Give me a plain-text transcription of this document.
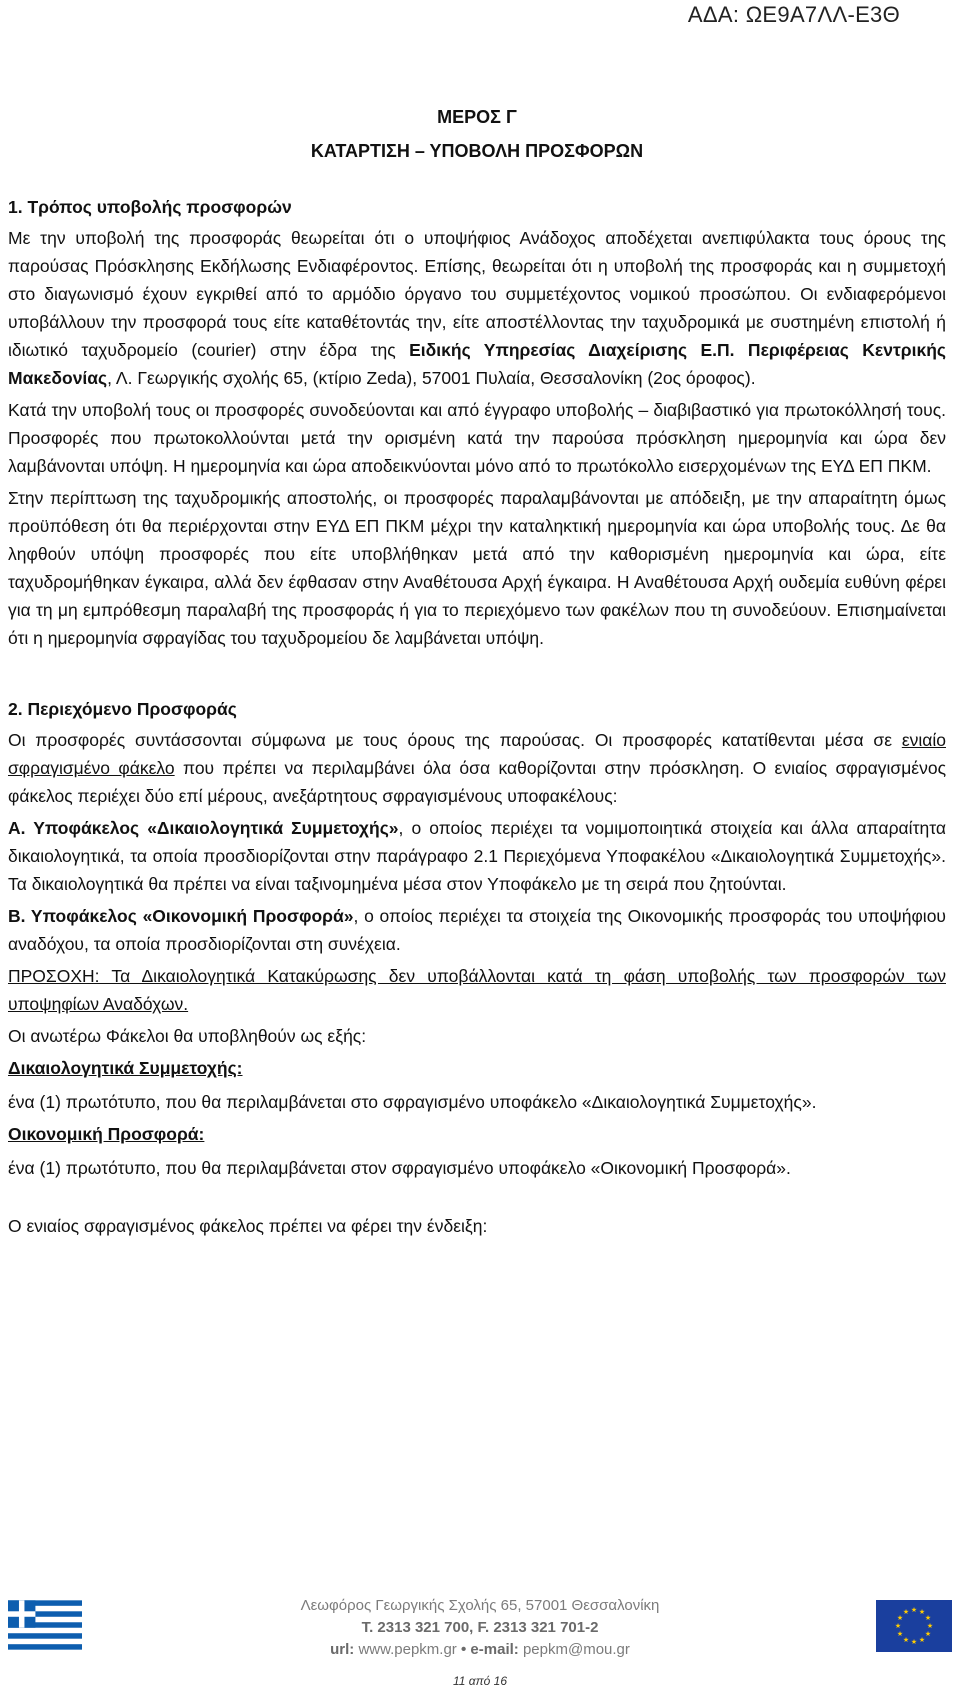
ΑΔΑ: ΩΕ9Α7ΛΛ-Ε3Θ
ΜΕΡΟΣ Γ
ΚΑΤΑΡΤΙΣΗ – ΥΠΟΒΟΛΗ ΠΡΟΣΦΟΡΩΝ
1. Τρόπος υποβολής προσφορών

Με την υποβολή της προσφοράς θεωρείται ότι ο υποψήφιος Ανάδοχος αποδέχεται ανεπιφύλακτα τους όρους της παρούσας Πρόσκλησης Εκδήλωσης Ενδιαφέροντος. Επίσης, θεωρείται ότι η υποβολή της προσφοράς και η συμμετοχή στο διαγωνισμό έχουν εγκριθεί από το αρμόδιο όργανο του συμμετέχοντος νομικού προσώπου. Οι ενδιαφερόμενοι υποβάλλουν την προσφορά τους είτε καταθέτοντάς την, είτε αποστέλλοντας την ταχυδρομικά με συστημένη επιστολή ή ιδιωτικό ταχυδρομείο (courier) στην έδρα της Ειδικής Υπηρεσίας Διαχείρισης Ε.Π. Περιφέρειας Κεντρικής Μακεδονίας, Λ. Γεωργικής σχολής 65, (κτίριο Zeda), 57001 Πυλαία, Θεσσαλονίκη (2ος όροφος).

Κατά την υποβολή τους οι προσφορές συνοδεύονται και από έγγραφο υποβολής – διαβιβαστικό για πρωτοκόλλησή τους. Προσφορές που πρωτοκολλούνται μετά την ορισμένη κατά την παρούσα πρόσκληση ημερομηνία και ώρα δεν λαμβάνονται υπόψη. Η ημερομηνία και ώρα αποδεικνύονται μόνο από το πρωτόκολλο εισερχομένων της ΕΥΔ ΕΠ ΠΚΜ.

Στην περίπτωση της ταχυδρομικής αποστολής, οι προσφορές παραλαμβάνονται με απόδειξη, με την απαραίτητη όμως προϋπόθεση ότι θα περιέρχονται στην ΕΥΔ ΕΠ ΠΚΜ μέχρι την καταληκτική ημερομηνία και ώρα υποβολής τους. Δε θα ληφθούν υπόψη προσφορές που είτε υποβλήθηκαν μετά από την καθορισμένη ημερομηνία και ώρα, είτε ταχυδρομήθηκαν έγκαιρα, αλλά δεν έφθασαν στην Αναθέτουσα Αρχή έγκαιρα. Η Αναθέτουσα Αρχή ουδεμία ευθύνη φέρει για τη μη εμπρόθεσμη παραλαβή της προσφοράς ή για το περιεχόμενο των φακέλων που τη συνοδεύουν. Επισημαίνεται ότι η ημερομηνία σφραγίδας του ταχυδρομείου δε λαμβάνεται υπόψη.

2. Περιεχόμενο Προσφοράς

Οι προσφορές συντάσσονται σύμφωνα με τους όρους της παρούσας. Οι προσφορές κατατίθενται μέσα σε ενιαίο σφραγισμένο φάκελο που πρέπει να περιλαμβάνει όλα όσα καθορίζονται στην πρόσκληση. Ο ενιαίος σφραγισμένος φάκελος περιέχει δύο επί μέρους, ανεξάρτητους σφραγισμένους υποφακέλους:

Α. Υποφάκελος «Δικαιολογητικά Συμμετοχής», ο οποίος περιέχει τα νομιμοποιητικά στοιχεία και άλλα απαραίτητα δικαιολογητικά, τα οποία προσδιορίζονται στην παράγραφο 2.1 Περιεχόμενα Υποφακέλου «Δικαιολογητικά Συμμετοχής». Τα δικαιολογητικά θα πρέπει να είναι ταξινομημένα μέσα στον Υποφάκελο με τη σειρά που ζητούνται.

Β. Υποφάκελος «Οικονομική Προσφορά», ο οποίος περιέχει τα στοιχεία της Οικονομικής προσφοράς του υποψήφιου αναδόχου, τα οποία προσδιορίζονται στη συνέχεια.

ΠΡΟΣΟΧΗ: Τα Δικαιολογητικά Κατακύρωσης δεν υποβάλλονται κατά τη φάση υποβολής των προσφορών των υποψηφίων Αναδόχων.

Οι ανωτέρω Φάκελοι θα υποβληθούν ως εξής:

Δικαιολογητικά Συμμετοχής:

ένα (1) πρωτότυπο, που θα περιλαμβάνεται στο σφραγισμένο υποφάκελο «Δικαιολογητικά Συμμετοχής».

Οικονομική Προσφορά:

ένα (1) πρωτότυπο, που θα περιλαμβάνεται στον σφραγισμένο υποφάκελο «Οικονομική Προσφορά».

Ο ενιαίος σφραγισμένος φάκελος πρέπει να φέρει την ένδειξη:

Λεωφόρος Γεωργικής Σχολής 65, 57001 Θεσσαλονίκη
Τ. 2313 321 700, F. 2313 321 701-2
url: www.pepkm.gr • e-mail: pepkm@mou.gr
★ ★
★
★
★
★
★
★
★
★
★
★
11 από 16
